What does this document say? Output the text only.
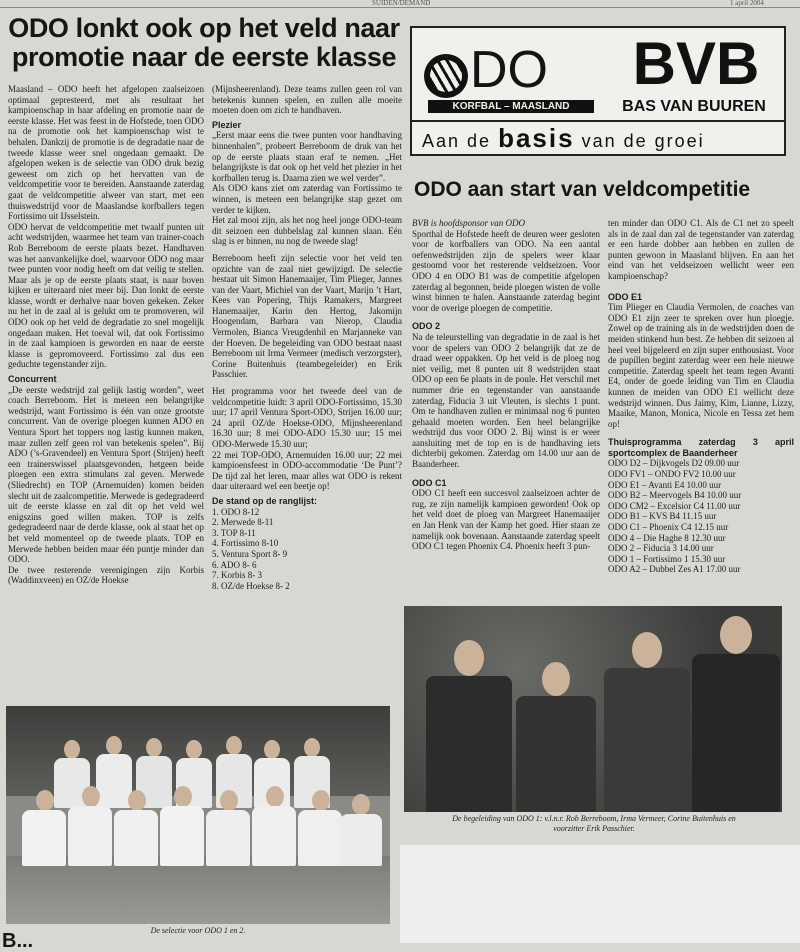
SUIDEN/DEMAND	1 april 2004
ODO lonkt ook op het veld naar promotie naar de eerste klasse

Maasland – ODO heeft het afgelopen zaalseizoen optimaal gepresteerd, met als resultaat het kampioenschap in haar afdeling en promotie naar de eerste klasse. Het was feest in de Hofstede, toen ODO na de promotie ook het kampioenschap wist te behalen. Dankzij de promotie is de degradatie naar de tweede klasse weer snel ongedaan gemaakt. De afgelopen weken is de selectie van ODO druk bezig geweest om zich op het hervatten van de veldcompetitie voor te bereiden. Aanstaande zaterdag gaat de veldcompetitie alweer van start, met een thuiswedstrijd voor de Maaslandse korfballers tegen Fortissimo uit IJsselstein.

ODO hervat de veldcompetitie met twaalf punten uit acht wedstrijden, waarmee het team van trainer-coach Rob Berreboom de eerste plaats bezet. Handhaven was het aanvankelijke doel, waarvoor ODO nog maar twee punten voor nodig heeft om dat veilig te stellen. Maar als je op de eerste plaats staat, is naar boven kijken er uiteraard niet meer bij. Dan lonkt de eerste klasse, wordt er derhalve naar boven gekeken. Zeker nu het in de zaal al is gelukt om te promoveren, wil ODO ook op het veld de degradatie zo snel mogelijk ongedaan maken. Het toeval wil, dat ook Fortissimo in de zaal kampioen is geworden en naar de eerste klasse is gepromoveerd. Fortissimo zal dus een geduchte tegenstander zijn.

Concurrent

„De eerste wedstrijd zal gelijk lastig worden”, weet coach Berreboom. Het is meteen een belangrijke wedstrijd, want Fortissimo is één van onze grootste concurrent. Van de overige ploegen kunnen ADO en Ventura Sport het toppers nog lastig kunnen maken, maar zullen zelf geen rol van betekenis spelen”. Bij ADO (’s-Gravendeel) en Ventura Sport (Strijen) heeft een trainerswissel plaatsgevonden, hetgeen beide ploegen een extra stimulans zal geven. Merwede (Sliedrecht) en TOP (Arnemuiden) komen beiden slecht uit de zaalcompetitie. Merwede is gedegradeerd uit de eerste klasse en zal dit op het veld wel enigszins goed willen maken. TOP is zelfs gedegradeerd naar de derde klasse, ook al staat het op het veld momenteel op de tweede plaats. TOP en Merwede hebben beiden maar één puntje minder dan ODO.

De twee resterende verenigingen zijn Korbis (Waddinxveen) en OZ/de Hoekse

(Mijnsheerenland). Deze teams zullen geen rol van betekenis kunnen spelen, en zullen alle moeite moeten doen om zich te handhaven.

Plezier

„Eerst maar eens die twee punten voor handhaving binnenhalen”, probeert Berreboom de druk van het op de eerste plaats staan eraf te nemen. „Het belangrijkste is dat ook op het veld het plezier in het korfballen terug is. Daarna zien we wel verder”.

Als ODO kans ziet om zaterdag van Fortissimo te winnen, is meteen een belangrijke stap gezet om verder te kijken.

Het zal mooi zijn, als het nog heel jonge ODO-team dit seizoen een dubbelslag zal kunnen slaan. Eén slag is er binnen, nu nog de tweede slag!

Berreboom heeft zijn selectie voor het veld ten opzichte van de zaal niet gewijzigd. De selectie bestaat uit Simon Hanemaaijer, Tim Plieger, Jannes van der Vaart, Michiel van der Vaart, Marijn ’t Hart, Kees van Popering, Thijs Ramakers, Margreet Hanemaaijer, Karin den Hertog, Jakomijn Hoogendam, Barbara van Nierop, Claudia Vermolen, Bianca Vreugdenhil en Marjanneke van der Hoeven. De begeleiding van ODO bestaat naast Berreboom uit Irma Vermeer (medisch verzorgster), Corine Buitenhuis (teambegeleider) en Erik Passchier.

Het programma voor het tweede deel van de veldcompetitie luidt: 3 april ODO-Fortissimo, 15.30 uur; 17 april Ventura Sport-ODO, Strijen 16.00 uur; 24 april OZ/de Hoekse-ODO, Mijnsheerenland 16.30 uur; 8 mei ODO-ADO 15.30 uur; 15 mei ODO-Merwede 15.30 uur;

22 mei TOP-ODO, Arnemuiden 16.00 uur; 22 mei kampioensfeest in ODO-accommodatie ‘De Punt’? De tijd zal het leren, maar alles wat ODO is rekent daar uiteraard wel een beetje op!

De stand op de ranglijst:

1. ODO 8-12
2. Merwede 8-11
3. TOP 8-11
4. Fortissimo 8-10
5. Ventura Sport 8- 9
6. ADO 8- 6
7. Korbis 8- 3
8. OZ/de Hoekse 8- 2
De selectie voor ODO 1 en 2.
DO
KORFBAL – MAASLAND
BVB
BAS VAN BUUREN
Aan de basis van de groei
ODO aan start van veldcompetitie

BVB is hoofdsponsor van ODO

Sporthal de Hofstede heeft de deuren weer gesloten voor de korfballers van ODO. Na een aantal oefenwedstrijden zijn de spelers weer klaar gestoomd voor het resterende veldseizoen. Voor ODO 4 en ODO B1 was de competitie afgelopen zaterdag al begonnen, beide ploegen wisten de volle winst binnen te halen. Aanstaande zaterdag begint voor de overige ploegen de competitie.

ODO 2

Na de teleurstelling van degradatie in de zaal is het voor de spelers van ODO 2 belangrijk dat ze de draad weer oppakken. Op het veld is de ploeg nog niet veilig, met 8 punten uit 8 wedstrijden staat ODO op een 6e plaats in de poule. Het verschil met nummer drie en tegenstander van aanstaande zaterdag, Fiducia 3 uit Vleuten, is slechts 1 punt. Om te handhaven zullen er minimaal nog 6 punten gehaald moeten worden. Een heel belangrijke wedstrijd dus voor ODO 2. Bij winst is er weer aansluiting met de top en is de handhaving iets dichterbij gekomen. Zaterdag om 14.00 uur aan de Baanderheer.

ODO C1

ODO C1 heeft een succesvol zaalseizoen achter de rug, ze zijn namelijk kampioen geworden! Ook op het veld doet de ploeg van Margreet Hanemaaijer en Jan Henk van der Kamp het goed. Hier staan ze namelijk ook bovenaan. Aanstaande zaterdag speelt ODO C1 tegen Phoenix C4. Phoenix heeft 3 pun-

ten minder dan ODO C1. Als de C1 net zo speelt als in de zaal dan zal de tegenstander van zaterdag er een harde dobber aan hebben en zullen de punten gewoon in Maasland blijven. En aan het eind van het veldseizoen wellicht weer een kampioenschap?

ODO E1

Tim Plieger en Claudia Vermolen, de coaches van ODO E1 zijn zeer te spreken over hun ploegje. Zowel op de training als in de wedstrijden doen de meiden stinkend hun best. Ze hebben dit seizoen al heel veel bijgeleerd en zijn super enthousiast. Voor de pupillen begint zaterdag weer een hele nieuwe competitie. Zaterdag speelt het team tegen Avanti E4, onder de goede leiding van Tim en Claudia kunnen de meiden van ODO E1 wellicht deze wedstrijd winnen. Dus Jaimy, Kim, Lianne, Lizzy, Maaike, Manon, Monica, Nicole en Tessa zet hem op!

Thuisprogramma zaterdag 3 april sportcomplex de Baanderheer

ODO D2 – Dijkvogels D2 09.00 uur
ODO FV1 – ONDO FV2 10.00 uur
ODO E1 – Avanti E4 10.00 uur
ODO B2 – Meervogels B4 10.00 uur
ODO CM2 – Excelsior C4 11.00 uur
ODO B1 – KVS B4 11.15 uur
ODO C1 – Phoenix C4 12.15 uur
ODO 4 – Die Haghe 8 12.30 uur
ODO 2 – Fiducia 3 14.00 uur
ODO 1 – Fortissimo 1 15.30 uur
ODO A2 – Dubbel Zes A1 17.00 uur
De begeleiding van ODO 1: v.l.n.r. Rob Berreboom, Irma Vermeer, Corine Buitenhuis en
voorzitter Erik Passchier.
B...
